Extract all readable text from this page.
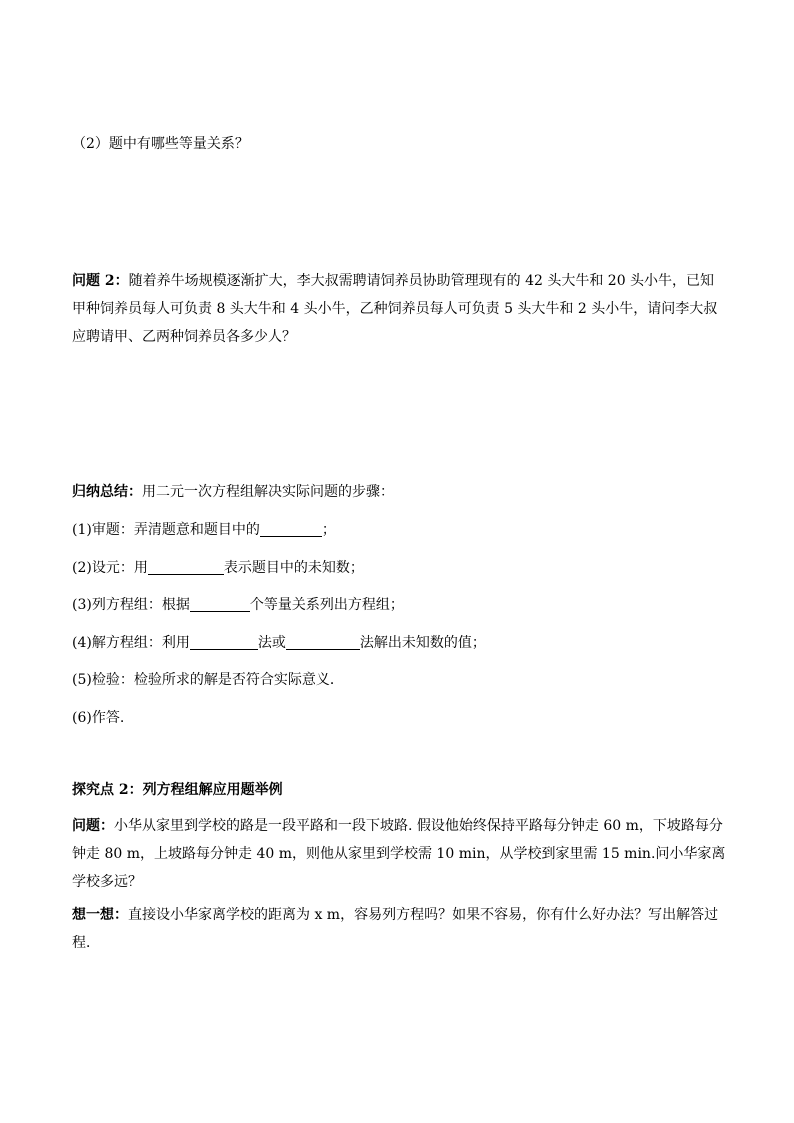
（2）题中有哪些等量关系？
问题 2：随着养牛场规模逐渐扩大，李大叔需聘请饲养员协助管理现有的 42 头大牛和 20 头小牛，已知甲种饲养员每人可负责 8 头大牛和 4 头小牛，乙种饲养员每人可负责 5 头大牛和 2 头小牛，请问李大叔应聘请甲、乙两种饲养员各多少人？
归纳总结：用二元一次方程组解决实际问题的步骤：
(1)审题：弄清题意和题目中的	；
(2)设元：用	表示题目中的未知数；
(3)列方程组：根据	个等量关系列出方程组；
(4)解方程组：利用	法或	法解出未知数的值；
(5)检验：检验所求的解是否符合实际意义．
(6)作答.
探究点 2：列方程组解应用题举例
问题：小华从家里到学校的路是一段平路和一段下坡路. 假设他始终保持平路每分钟走 60 m，下坡路每分钟走 80 m，上坡路每分钟走 40 m，则他从家里到学校需 10 min，从学校到家里需 15 min.问小华家离学校多远？
想一想：直接设小华家离学校的距离为 x m，容易列方程吗？如果不容易，你有什么好办法？写出解答过程．
